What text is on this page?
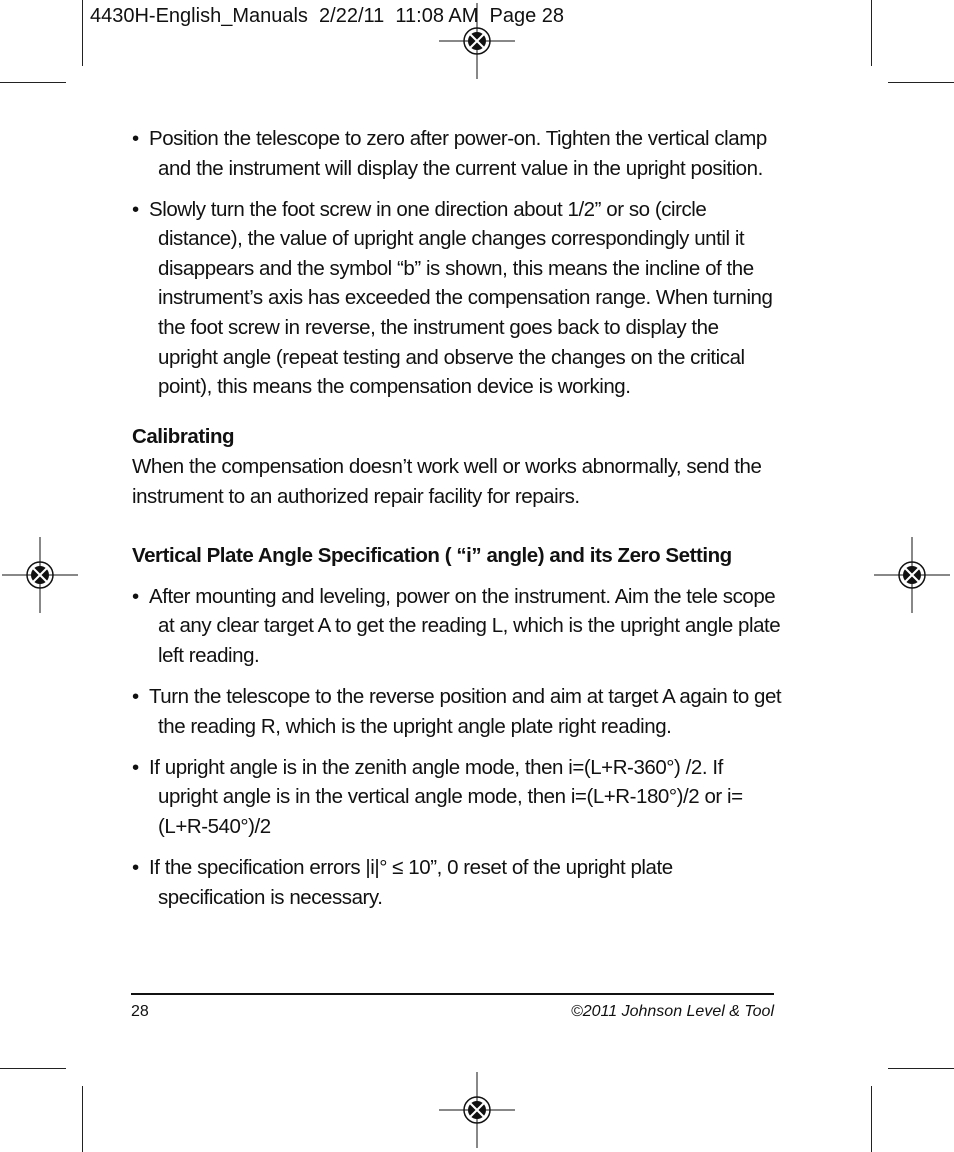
4430H-English_Manuals  2/22/11  11:08 AM  Page 28

• Position the telescope to zero after power-on. Tighten the vertical clamp and the instrument will display the current value in the upright position.

• Slowly turn the foot screw in one direction about 1/2” or so (circle distance), the value of upright angle changes correspondingly until it disappears and the symbol “b” is shown, this means the incline of the instrument’s axis has exceeded the compensation range. When turning the foot screw in reverse, the instrument goes back to display the upright angle (repeat testing and observe the changes on the critical point), this means the compensation device is working.

Calibrating

When the compensation doesn’t work well or works abnormally, send the instrument to an authorized repair facility for repairs.

Vertical Plate Angle Specification ( “i” angle) and its Zero Setting

• After mounting and leveling, power on the instrument. Aim the tele scope at any clear target A to get the reading L, which is the upright angle plate left reading.

• Turn the telescope to the reverse position and aim at target A again to get the reading R, which is the upright angle plate right reading.

• If upright angle is in the zenith angle mode, then i=(L+R-360°) /2. If upright angle is in the vertical angle mode, then i=(L+R-180°)/2 or i=(L+R-540°)/2

• If the specification errors |i|° ≤ 10”, 0 reset of the upright plate specification is necessary.

28	©2011 Johnson Level & Tool
